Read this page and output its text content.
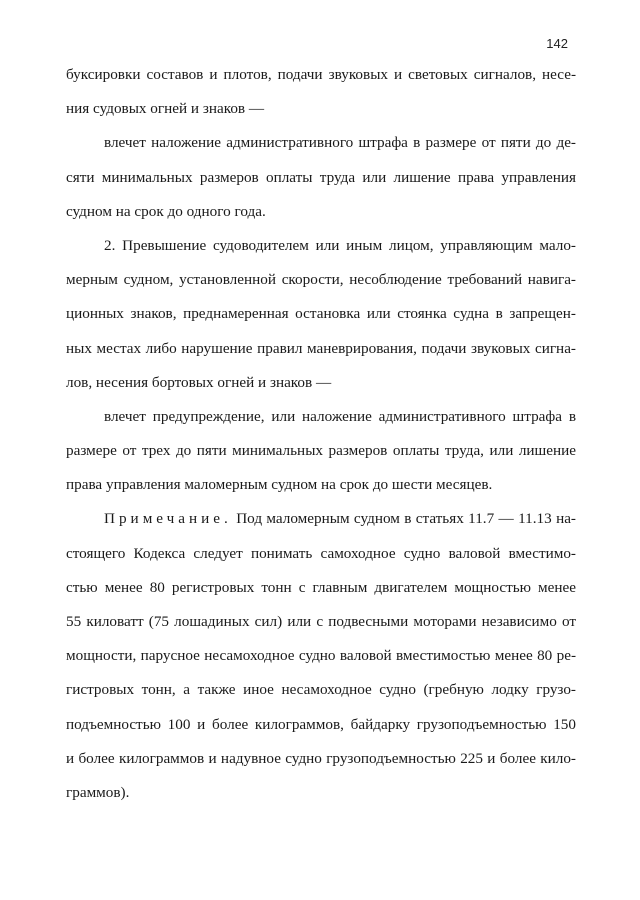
142
буксировки составов и плотов, подачи звуковых и световых сигналов, несе-
ния судовых огней и знаков —
влечет наложение административного штрафа в размере от пяти до де-
сяти минимальных размеров оплаты труда или лишение права управления
судном на срок до одного года.
2. Превышение судоводителем или иным лицом, управляющим мало-
мерным судном, установленной скорости, несоблюдение требований навига-
ционных знаков, преднамеренная остановка или стоянка судна в запрещен-
ных местах либо нарушение правил маневрирования, подачи звуковых сигна-
лов, несения бортовых огней и знаков —
влечет предупреждение, или наложение административного штрафа в
размере от трех до пяти минимальных размеров оплаты труда, или лишение
права управления маломерным судном на срок до шести месяцев.
Примечание. Под маломерным судном в статьях 11.7 — 11.13 на-
стоящего Кодекса следует понимать самоходное судно валовой вместимо-
стью менее 80 регистровых тонн с главным двигателем мощностью менее
55 киловатт (75 лошадиных сил) или с подвесными моторами независимо от
мощности, парусное несамоходное судно валовой вместимостью менее 80 ре-
гистровых тонн, а также иное несамоходное судно (гребную лодку грузо-
подъемностью 100 и более килограммов, байдарку грузоподъемностью 150
и более килограммов и надувное судно грузоподъемностью 225 и более кило-
граммов).
